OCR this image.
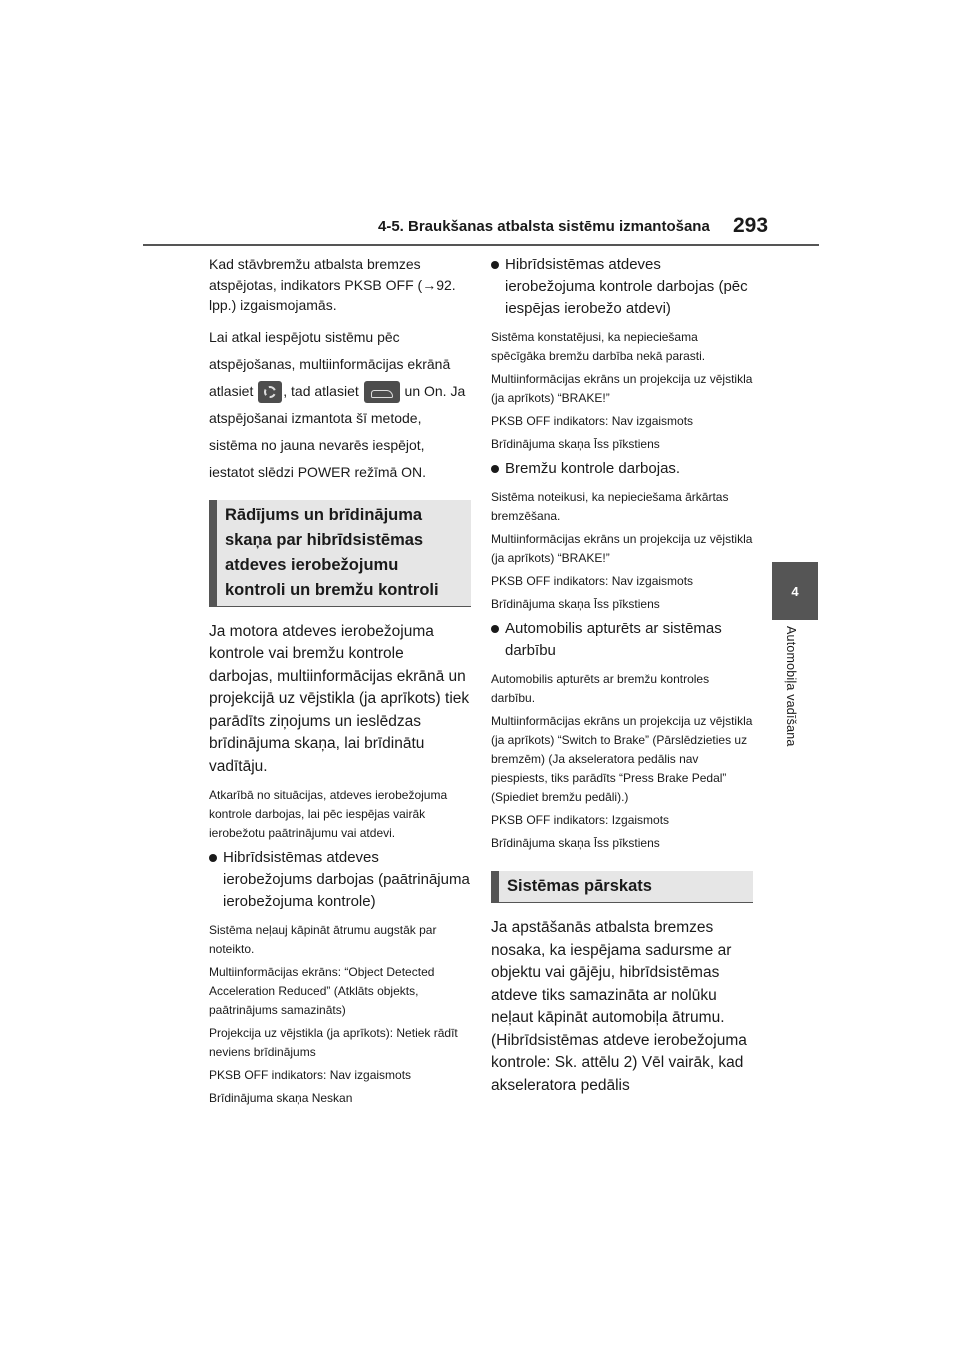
4-5. Braukšanas atbalsta sistēmu izmantošana 293
4
Automobiļa vadīšana

Kad stāvbremžu atbalsta bremzes atspējotas, indikators PKSB OFF (→92. lpp.) izgaismojamās.

Lai atkal iespējotu sistēmu pēc atspējošanas, multiinformācijas ekrānā atlasiet , tad atlasiet	un On. Ja atspējošanai izmantota šī metode, sistēma no jauna nevarēs iespējot, iestatot slēdzi POWER režīmā ON.

Rādījums un brīdinājuma skaņa par hibrīdsistēmas atdeves ierobežojumu kontroli un bremžu kontroli

Ja motora atdeves ierobežojuma kontrole vai bremžu kontrole darbojas, multiinformācijas ekrānā un projekcijā uz vējstikla (ja aprīkots) tiek parādīts ziņojums un ieslēdzas brīdinājuma skaņa, lai brīdinātu vadītāju.

Atkarībā no situācijas, atdeves ierobežojuma kontrole darbojas, lai pēc iespējas vairāk ierobežotu paātrinājumu vai atdevi.

Hibrīdsistēmas atdeves ierobežojums darbojas (paātrinājuma ierobežojuma kontrole)

Sistēma neļauj kāpināt ātrumu augstāk par noteikto.

Multiinformācijas ekrāns: “Object Detected Acceleration Reduced” (Atklāts objekts, paātrinājums samazināts)

Projekcija uz vējstikla (ja aprīkots): Netiek rādīt neviens brīdinājums

PKSB OFF indikators: Nav izgaismots

Brīdinājuma skaņa Neskan

Hibrīdsistēmas atdeves ierobežojuma kontrole darbojas (pēc iespējas ierobežo atdevi)

Sistēma konstatējusi, ka nepieciešama spēcīgāka bremžu darbība nekā parasti.

Multiinformācijas ekrāns un projekcija uz vējstikla (ja aprīkots) “BRAKE!”

PKSB OFF indikators: Nav izgaismots

Brīdinājuma skaņa Īss pīkstiens

Bremžu kontrole darbojas.

Sistēma noteikusi, ka nepieciešama ārkārtas bremzēšana.

Multiinformācijas ekrāns un projekcija uz vējstikla (ja aprīkots) “BRAKE!”

PKSB OFF indikators: Nav izgaismots

Brīdinājuma skaņa Īss pīkstiens

Automobilis apturēts ar sistēmas darbību

Automobilis apturēts ar bremžu kontroles darbību.

Multiinformācijas ekrāns un projekcija uz vējstikla (ja aprīkots) “Switch to Brake” (Pārslēdzieties uz bremzēm) (Ja akseleratora pedālis nav piespiests, tiks parādīts “Press Brake Pedal” (Spiediet bremžu pedāli).)

PKSB OFF indikators: Izgaismots

Brīdinājuma skaņa Īss pīkstiens

Sistēmas pārskats

Ja apstāšanās atbalsta bremzes nosaka, ka iespējama sadursme ar objektu vai gājēju, hibrīdsistēmas atdeve tiks samazināta ar nolūku neļaut kāpināt automobiļa ātrumu. (Hibrīdsistēmas atdeve ierobežojuma kontrole: Sk. attēlu 2) Vēl vairāk, kad akseleratora pedālis
